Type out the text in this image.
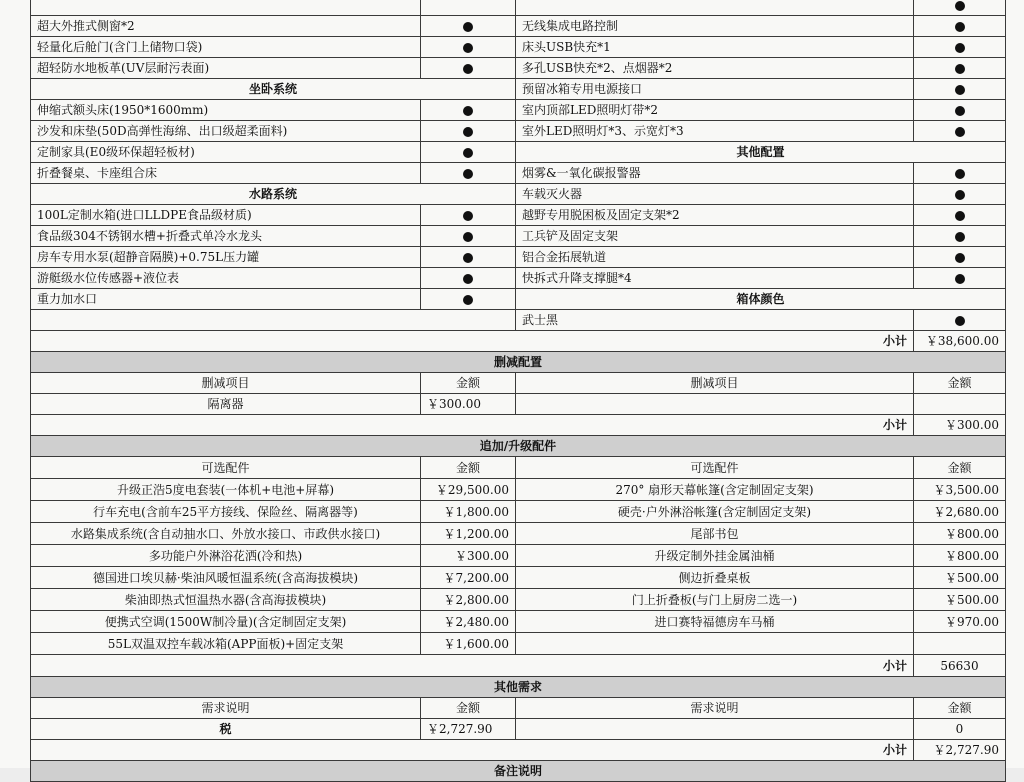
超大外推式侧窗*2		无线集成电路控制	
轻量化后舱门(含门上储物口袋)		床头USB快充*1	
超轻防水地板革(UV层耐污表面)		多孔USB快充*2、点烟器*2	
坐卧系统		预留冰箱专用电源接口	
伸缩式额头床(1950*1600mm)		室内顶部LED照明灯带*2	
沙发和床垫(50D高弹性海绵、出口级超柔面料)		室外LED照明灯*3、示宽灯*3	
定制家具(E0级环保超轻板材)		其他配置	
折叠餐桌、卡座组合床		烟雾&一氧化碳报警器	
水路系统		车载灭火器	
100L定制水箱(进口LLDPE食品级材质)		越野专用脱困板及固定支架*2	
食品级304不锈钢水槽+折叠式单冷水龙头		工兵铲及固定支架	
房车专用水泵(超静音隔膜)+0.75L压力罐		铝合金拓展轨道	
游艇级水位传感器+液位表		快拆式升降支撑腿*4	
重力加水口		箱体颜色	
		武士黑	
小计			￥38,600.00
删减配置			
删减项目	金额	删减项目	金额
隔离器	￥300.00		
小计			￥300.00
追加/升级配件			
可选配件	金额	可选配件	金额
升级正浩5度电套装(一体机+电池+屏幕)	￥29,500.00	270° 扇形天幕帐篷(含定制固定支架)	￥3,500.00
行车充电(含前车25平方接线、保险丝、隔离器等)	￥1,800.00	硬壳·户外淋浴帐篷(含定制固定支架)	￥2,680.00
水路集成系统(含自动抽水口、外放水接口、市政供水接口)	￥1,200.00	尾部书包	￥800.00
多功能户外淋浴花洒(冷和热)	￥300.00	升级定制外挂金属油桶	￥800.00
德国进口埃贝赫·柴油风暖恒温系统(含高海拔模块)	￥7,200.00	侧边折叠桌板	￥500.00
柴油即热式恒温热水器(含高海拔模块)	￥2,800.00	门上折叠板(与门上厨房二选一)	￥500.00
便携式空调(1500W制冷量)(含定制固定支架)	￥2,480.00	进口赛特福德房车马桶	￥970.00
55L双温双控车载冰箱(APP面板)+固定支架	￥1,600.00		
小计			56630
其他需求			
需求说明	金额	需求说明	金额
税	￥2,727.90		0
小计			￥2,727.90
备注说明			
